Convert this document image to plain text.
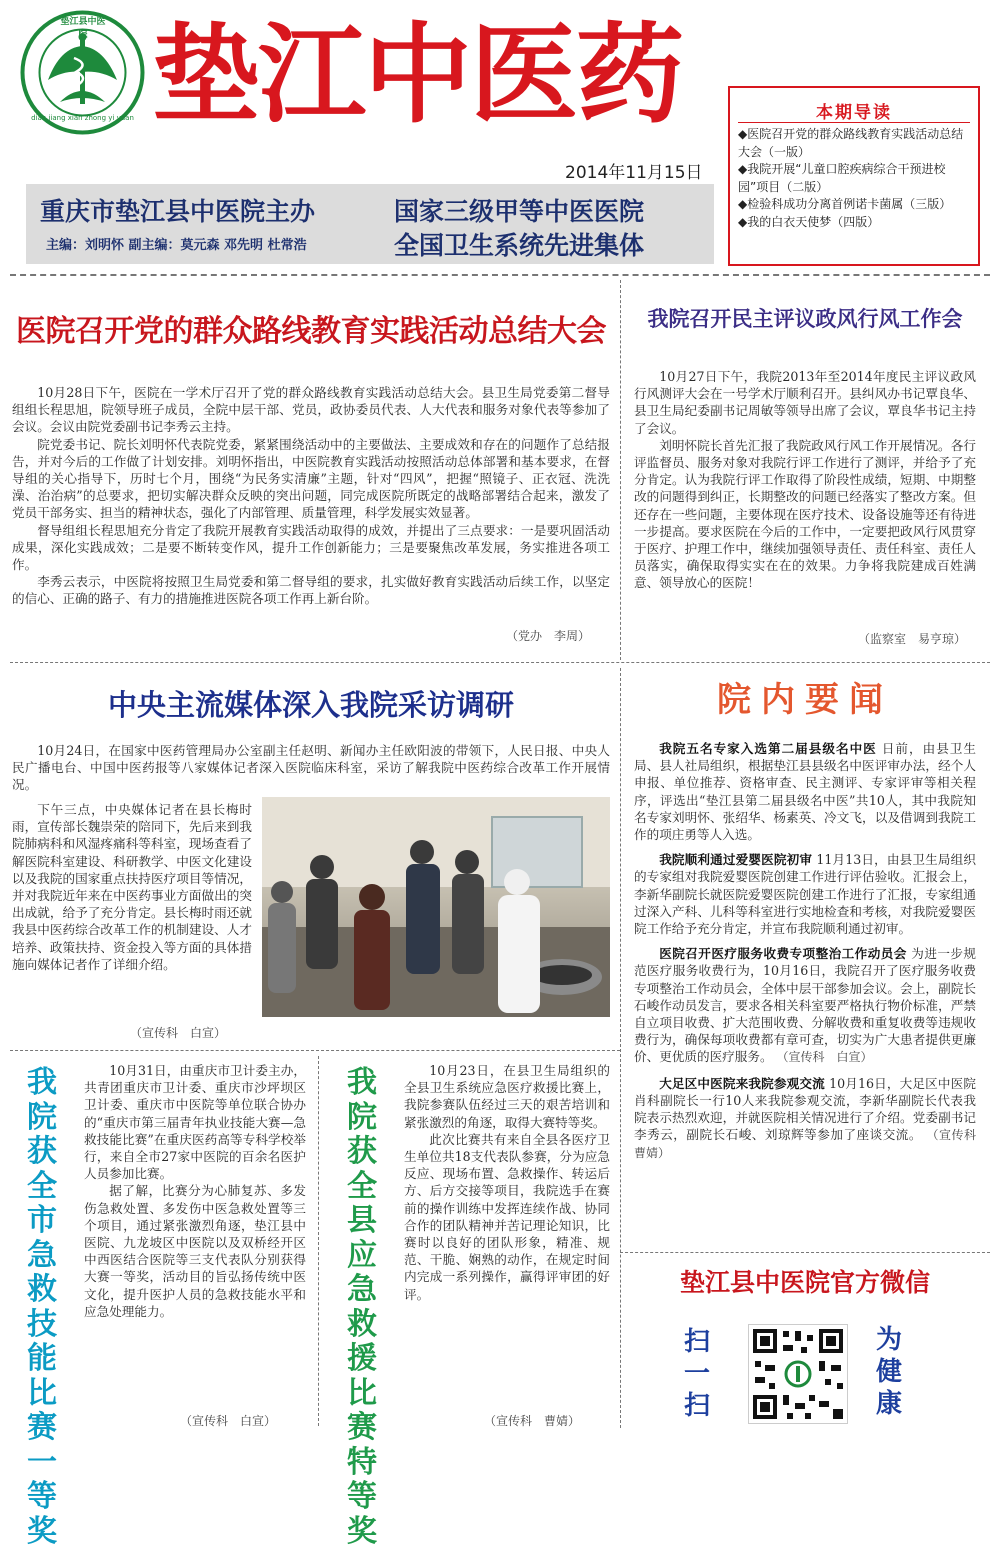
垫江县中医院
dian jiang xian zhong yi yuan 垫江中医药
2014年11月15日
重庆市垫江县中医院主办	国家三级甲等中医医院
主编：刘明怀 副主编：莫元森 邓先明 杜常浩	全国卫生系统先进集体
本期导读
◆医院召开党的群众路线教育实践活动总结大会（一版）
◆我院开展“儿童口腔疾病综合干预进校园”项目（二版）
◆检验科成功分离首例诺卡菌属（三版）
◆我的白衣天使梦（四版）
医院召开党的群众路线教育实践活动总结大会

10月28日下午，医院在一学术厅召开了党的群众路线教育实践活动总结大会。县卫生局党委第二督导组组长程思旭，院领导班子成员，全院中层干部、党员，政协委员代表、人大代表和服务对象代表等参加了会议。会议由院党委副书记李秀云主持。

院党委书记、院长刘明怀代表院党委，紧紧围绕活动中的主要做法、主要成效和存在的问题作了总结报告，并对今后的工作做了计划安排。刘明怀指出，中医院教育实践活动按照活动总体部署和基本要求，在督导组的关心指导下，历时七个月，围绕“为民务实清廉”主题，针对“四风”，把握“照镜子、正衣冠、洗洗澡、治治病”的总要求，把切实解决群众反映的突出问题，同完成医院所既定的战略部署结合起来，激发了党员干部务实、担当的精神状态，强化了内部管理、质量管理，科学发展实效显著。

督导组组长程思旭充分肯定了我院开展教育实践活动取得的成效，并提出了三点要求：一是要巩固活动成果，深化实践成效；二是要不断转变作风，提升工作创新能力；三是要聚焦改革发展，务实推进各项工作。

李秀云表示，中医院将按照卫生局党委和第二督导组的要求，扎实做好教育实践活动后续工作，以坚定的信心、正确的路子、有力的措施推进医院各项工作再上新台阶。

（党办　李周）
我院召开民主评议政风行风工作会

10月27日下午，我院2013年至2014年度民主评议政风行风测评大会在一号学术厅顺利召开。县纠风办书记覃良华、县卫生局纪委副书记周敏等领导出席了会议，覃良华书记主持了会议。

刘明怀院长首先汇报了我院政风行风工作开展情况。各行评监督员、服务对象对我院行评工作进行了测评，并给予了充分肯定。认为我院行评工作取得了阶段性成绩，短期、中期整改的问题得到纠正，长期整改的问题已经落实了整改方案。但还存在一些问题，主要体现在医疗技术、设备设施等还有待进一步提高。要求医院在今后的工作中，一定要把政风行风贯穿于医疗、护理工作中，继续加强领导责任、责任科室、责任人员落实，确保取得实实在在的效果。力争将我院建成百姓满意、领导放心的医院！

（监察室　易亨琼）
中央主流媒体深入我院采访调研

10月24日，在国家中医药管理局办公室副主任赵明、新闻办主任欧阳波的带领下，人民日报、中央人民广播电台、中国中医药报等八家媒体记者深入医院临床科室，采访了解我院中医药综合改革工作开展情况。

下午三点，中央媒体记者在县长梅时雨，宣传部长魏崇荣的陪同下，先后来到我院肺病科和风湿疼痛科等科室，现场查看了解医院科室建设、科研教学、中医文化建设以及我院的国家重点扶持医疗项目等情况，并对我院近年来在中医药事业方面做出的突出成就，给予了充分肯定。县长梅时雨还就我县中医药综合改革工作的机制建设、人才培养、政策扶持、资金投入等方面的具体措施向媒体记者作了详细介绍。

（宣传科　白宣）
院内要闻
我院五名专家入选第二届县级名中医 日前，由县卫生局、县人社局组织，根据垫江县县级名中医评审办法，经个人申报、单位推荐、资格审查、民主测评、专家评审等相关程序，评选出“垫江县第二届县级名中医”共10人，其中我院知名专家刘明怀、张绍华、杨素英、冷文飞，以及借调到我院工作的项庄勇等人入选。
我院顺利通过爱婴医院初审 11月13日，由县卫生局组织的专家组对我院爱婴医院创建工作进行评估验收。汇报会上，李新华副院长就医院爱婴医院创建工作进行了汇报，专家组通过深入产科、儿科等科室进行实地检查和考核，对我院爱婴医院工作给予充分肯定，并宣布我院顺利通过初审。
医院召开医疗服务收费专项整治工作动员会 为进一步规范医疗服务收费行为，10月16日，我院召开了医疗服务收费专项整治工作动员会，全体中层干部参加会议。会上，副院长石峻作动员发言，要求各相关科室要严格执行物价标准，严禁自立项目收费、扩大范围收费、分解收费和重复收费等违规收费行为，确保每项收费都有章可查，切实为广大患者提供更廉价、更优质的医疗服务。 （宣传科　白宣）
大足区中医院来我院参观交流 10月16日，大足区中医院肖科副院长一行10人来我院参观交流，李新华副院长代表我院表示热烈欢迎，并就医院相关情况进行了介绍。党委副书记李秀云，副院长石峻、刘琼辉等参加了座谈交流。 （宣传科　曹婧）
我院获全市急救技能比赛一等奖

10月31日，由重庆市卫计委主办，共青团重庆市卫计委、重庆市沙坪坝区卫计委、重庆市中医院等单位联合协办的“重庆市第三届青年执业技能大赛—急救技能比赛”在重庆医药高等专科学校举行，来自全市27家中医院的百余名医护人员参加比赛。

据了解，比赛分为心肺复苏、多发伤急救处置、多发伤中医急救处置等三个项目，通过紧张激烈角逐，垫江县中医院、九龙坡区中医院以及双桥经开区中西医结合医院等三支代表队分别获得大赛一等奖，活动目的旨弘扬传统中医文化，提升医护人员的急救技能水平和应急处理能力。

（宣传科　白宣）
我院获全县应急救援比赛特等奖

10月23日，在县卫生局组织的全县卫生系统应急医疗救援比赛上，我院参赛队伍经过三天的艰苦培训和紧张激烈的角逐，取得大赛特等奖。

此次比赛共有来自全县各医疗卫生单位共18支代表队参赛，分为应急反应、现场布置、急救操作、转运后方、后方交接等项目，我院选手在赛前的操作训练中发挥连续作战、协同合作的团队精神并苦记理论知识，比赛时以良好的团队形象，精准、规范、干脆、娴熟的动作，在规定时间内完成一系列操作，赢得评审团的好评。

（宣传科　曹婧）
垫江县中医院官方微信
扫一扫
为健康
